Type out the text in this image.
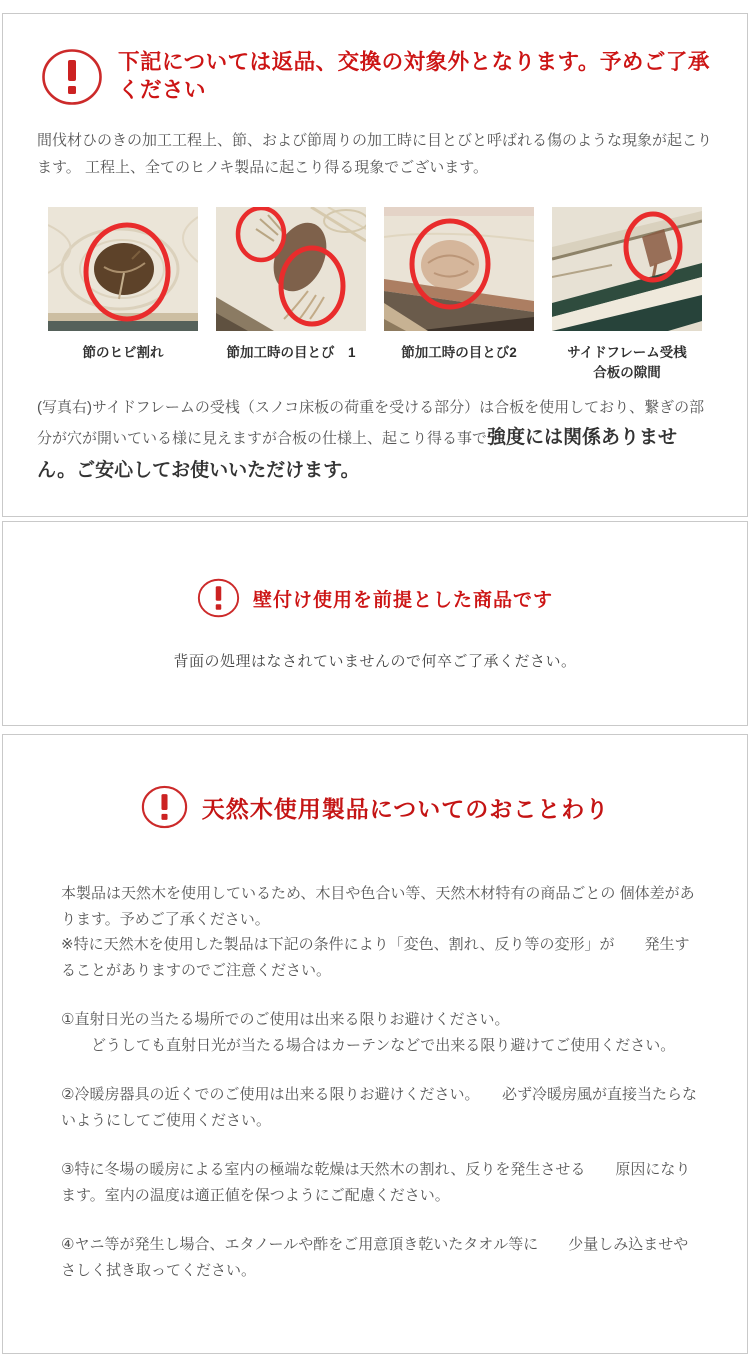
下記については返品、交換の対象外となります。予めご了承ください
間伐材ひのきの加工工程上、節、および節周りの加工時に目とびと呼ばれる傷のような現象が起こります。 工程上、全てのヒノキ製品に起こり得る現象でございます。
節のヒビ割れ	節加工時の目とび　1	節加工時の目とび2	サイドフレーム受桟
合板の隙間
(写真右)サイドフレームの受桟（スノコ床板の荷重を受ける部分）は合板を使用しており、繋ぎの部分が穴が開いている様に見えますが合板の仕様上、起こり得る事で強度には関係ありません。ご安心してお使いいただけます。
壁付け使用を前提とした商品です
背面の処理はなされていませんので何卒ご了承ください。
天然木使用製品についてのおことわり
本製品は天然木を使用しているため、木目や色合い等、天然木材特有の商品ごとの 個体差があります。予めご了承ください。
※特に天然木を使用した製品は下記の条件により「変色、割れ、反り等の変形」が　　発生することがありますのでご注意ください。
①直射日光の当たる場所でのご使用は出来る限りお避けください。
　　どうしても直射日光が当たる場合はカーテンなどで出来る限り避けてご使用ください。
②冷暖房器具の近くでのご使用は出来る限りお避けください。　　必ず冷暖房風が直接当たらないようにしてご使用ください。
③特に冬場の暖房による室内の極端な乾燥は天然木の割れ、反りを発生させる　　原因になります。室内の温度は適正値を保つようにご配慮ください。
④ヤニ等が発生し場合、エタノールや酢をご用意頂き乾いたタオル等に　　少量しみ込ませやさしく拭き取ってください。
